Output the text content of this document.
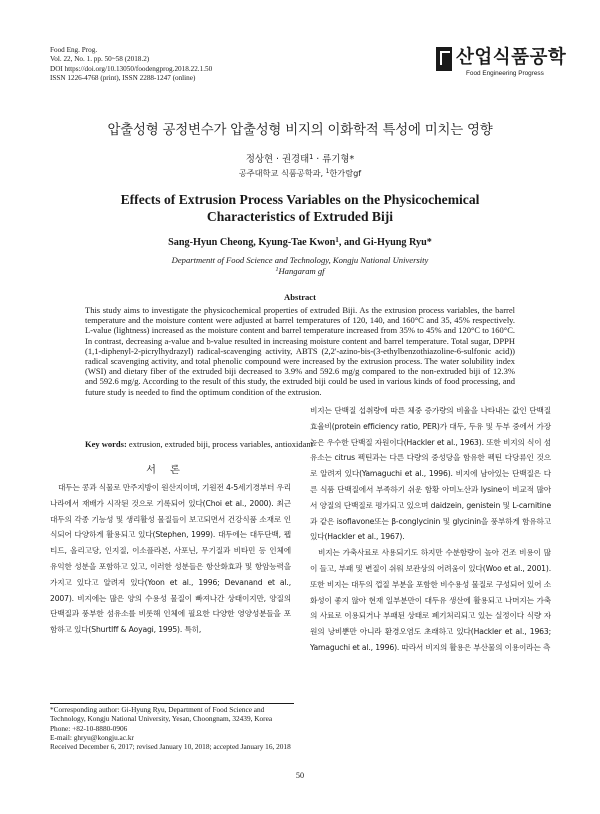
Food Eng. Prog.
Vol. 22, No. 1. pp. 50~58 (2018.2)
DOI https://doi.org/10.13050/foodengprog.2018.22.1.50
ISSN 1226-4768 (print), ISSN 2288-1247 (online)
산업식품공학
Food Engineering Progress
압출성형 공정변수가 압출성형 비지의 이화학적 특성에 미치는 영향
정상현 · 권경태$^1$ · 류기형*
공주대학교 식품공학과, $^1$한가람gf
Effects of Extrusion Process Variables on the Physicochemical
Characteristics of Extruded Biji
Sang-Hyun Cheong, Kyung-Tae Kwon$^1$, and Gi-Hyung Ryu*
Departmentt of Food Science and Technology, Kongju National University
$^1$Hangaram gf
Abstract

This study aims to investigate the physicochemical properties of extruded Biji. As the extrusion process variables, the barrel temperature and the moisture content were adjusted at barrel temperatures of 120, 140, and 160°C and 35, 45% respectively. L-value (lightness) increased as the moisture content and barrel temperature increased from 35% to 45% and 120°C to 160°C. In contrast, decreasing a-value and b-value resulted in increasing moisture content and barrel temperature. Total sugar, DPPH (1,1-diphenyl-2-picrylhydrazyl) radical-scavenging activity, ABTS (2,2'-azino-bis-(3-ethylbenzothiazoline-6-sulfonic acid)) radical scavenging activity, and total phenolic compound were increased by the extrusion process. The water solubility index (WSI) and dietary fiber of the extruded biji decreased to 3.9% and 592.6 mg/g compared to the non-extruded biji of 12.3% and 592.6 mg/g. According to the result of this study, the extruded biji could be used in various kinds of food processing, and future study is needed to find the optimum condition of the extrusion.

Key words: extrusion, extruded biji, process variables, antioxidant
서론

대두는 콩과 식물로 만주지방이 원산지이며, 기원전 4-5세기경부터 우리나라에서 재배가 시작된 것으로 기록되어 있다(Choi et al., 2000). 최근 대두의 각종 기능성 및 생리활성 물질들이 보고되면서 건강식품 소재로 인식되어 다양하게 활용되고 있다(Stephen, 1999). 대두에는 대두단백, 펩티드, 올리고당, 인지질, 이소플라본, 사포닌, 무기질과 비타민 등 인체에 유익한 성분을 포함하고 있고, 이러한 성분들은 항산화효과 및 항암능력을 가지고 있다고 알려져 있다(Yoon et al., 1996; Devanand et al., 2007). 비지에는 많은 양의 수용성 물질이 빠져나간 상태이지만, 양질의 단백질과 풍부한 섬유소를 비롯해 인체에 필요한 다양한 영양성분들을 포함하고 있다(Shurtlff & Aoyagi, 1995). 특히,

비지는 단백질 섭취량에 따른 체중 증가량의 비율을 나타내는 값인 단백질 효율비(protein efficiency ratio, PER)가 대두, 두유 및 두부 중에서 가장 높은 우수한 단백질 자원이다(Hackler et al., 1963). 또한 비지의 식이 섬유소는 citrus 펙틴과는 다른 다량의 중성당을 함유한 펙틴 다당류인 것으로 알려져 있다(Yamaguchi et al., 1996). 비지에 남아있는 단백질은 다른 식품 단백질에서 부족하기 쉬운 함황 아미노산과 lysine이 비교적 많아서 양질의 단백질로 평가되고 있으며 daidzein, genistein 및 L-carnitine과 같은 isoflavone또는 β-conglycinin 및 glycinin을 풍부하게 함유하고 있다(Hackler et al., 1967).
비지는 가축사료로 사용되기도 하지만 수분함량이 높아 건조 비용이 많이 들고, 부패 및 변질이 쉬워 보관상의 어려움이 있다(Woo et al., 2001). 또한 비지는 대두의 껍질 부분을 포함한 비수용성 물질로 구성되어 있어 소화성이 좋지 않아 현재 일부분만이 대두유 생산에 활용되고 나머지는 가축의 사료로 이용되거나 부패된 상태로 폐기처리되고 있는 실정이다 식량 자원의 낭비뿐만 아니라 환경오염도 초래하고 있다(Hackler et al., 1963; Yamaguchi et al., 1996). 따라서 비지의 활용은 부산물의 이용이라는 측

*Corresponding author: Gi-Hyung Ryu, Department of Food Science and Technology, Kongju National University, Yesan, Choongnam, 32439, Korea
Phone: +82-10-8880-0906
E-mail: ghryu@kongju.ac.kr
Received December 6, 2017; revised January 10, 2018; accepted January 16, 2018

50
